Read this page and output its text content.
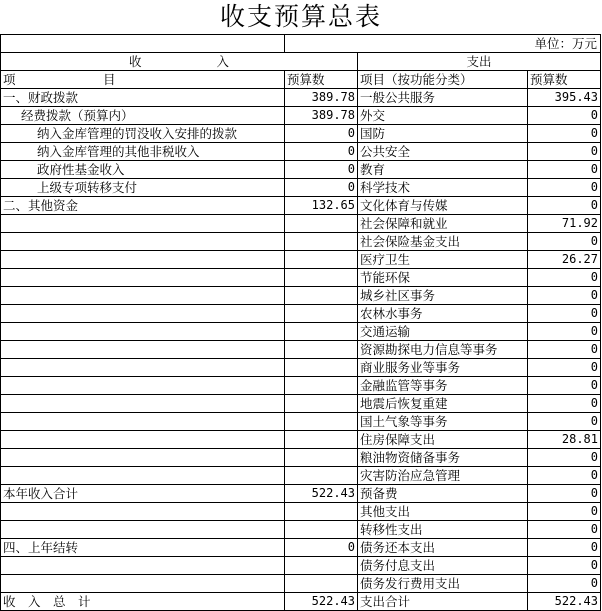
收支预算总表

			单位：万元

收　　　　　　入		支出	
项　　　　　　　目	预算数	项目（按功能分类）	预算数
一、财政拨款	389.78	一般公共服务	395.43
经费拨款（预算内）	389.78	外交	0
纳入金库管理的罚没收入安排的拨款	0	国防	0
纳入金库管理的其他非税收入	0	公共安全	0
政府性基金收入	0	教育	0
上级专项转移支付	0	科学技术	0
二、其他资金	132.65	文化体育与传媒	0
		社会保障和就业	71.92
		社会保险基金支出	0
		医疗卫生	26.27
		节能环保	0
		城乡社区事务	0
		农林水事务	0
		交通运输	0
		资源勘探电力信息等事务	0
		商业服务业等事务	0
		金融监管等事务	0
		地震后恢复重建	0
		国土气象等事务	0
		住房保障支出	28.81
		粮油物资储备事务	0
		灾害防治应急管理	0
本年收入合计	522.43	预备费	0
		其他支出	0
		转移性支出	0
四、上年结转	0	债务还本支出	0
		债务付息支出	0
		债务发行费用支出	0
收　入　总　计	522.43	支出合计	522.43
